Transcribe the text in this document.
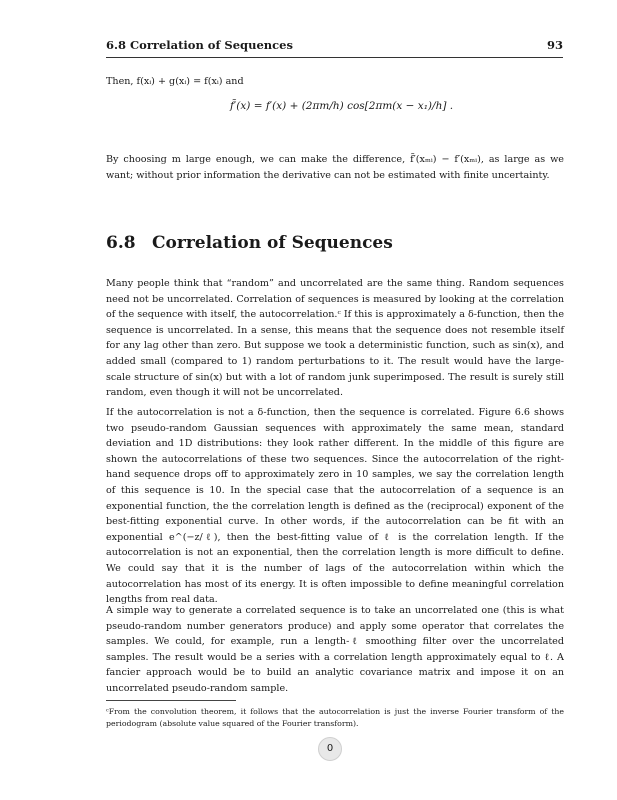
6.8 Correlation of Sequences	93

Then, f(xᵢ) + g(xᵢ) = f(xᵢ) and

f̃′(x) = f′(x) + (2πm/h) cos[2πm(x − x₁)/h] .

By choosing m large enough, we can make the difference, f̃′(xₘᵢ) − f′(xₘᵢ), as large as we want; without prior information the derivative can not be estimated with finite uncertainty.

6.8 Correlation of Sequences

Many people think that “random” and uncorrelated are the same thing. Random sequences need not be uncorrelated. Correlation of sequences is measured by looking at the correlation of the sequence with itself, the autocorrelation.ᶜ If this is approximately a δ-function, then the sequence is uncorrelated. In a sense, this means that the sequence does not resemble itself for any lag other than zero. But suppose we took a deterministic function, such as sin(x), and added small (compared to 1) random perturbations to it. The result would have the large-scale structure of sin(x) but with a lot of random junk superimposed. The result is surely still random, even though it will not be uncorrelated.

If the autocorrelation is not a δ-function, then the sequence is correlated. Figure 6.6 shows two pseudo-random Gaussian sequences with approximately the same mean, standard deviation and 1D distributions: they look rather different. In the middle of this figure are shown the autocorrelations of these two sequences. Since the autocorrelation of the right-hand sequence drops off to approximately zero in 10 samples, we say the correlation length of this sequence is 10. In the special case that the autocorrelation of a sequence is an exponential function, the the correlation length is defined as the (reciprocal) exponent of the best-fitting exponential curve. In other words, if the autocorrelation can be fit with an exponential e^(−z/ℓ), then the best-fitting value of ℓ is the correlation length. If the autocorrelation is not an exponential, then the correlation length is more difficult to define. We could say that it is the number of lags of the autocorrelation within which the autocorrelation has most of its energy. It is often impossible to define meaningful correlation lengths from real data.

A simple way to generate a correlated sequence is to take an uncorrelated one (this is what pseudo-random number generators produce) and apply some operator that correlates the samples. We could, for example, run a length-ℓ smoothing filter over the uncorrelated samples. The result would be a series with a correlation length approximately equal to ℓ. A fancier approach would be to build an analytic covariance matrix and impose it on an uncorrelated pseudo-random sample.

ᶜFrom the convolution theorem, it follows that the autocorrelation is just the inverse Fourier transform of the periodogram (absolute value squared of the Fourier transform).

0
